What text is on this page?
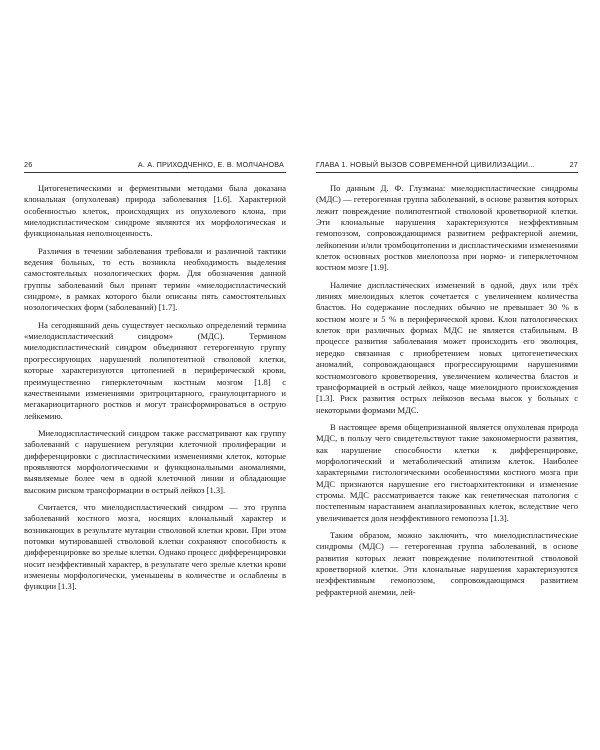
26	А. А. ПРИХОДЧЕНКО, Е. В. МОЛЧАНОВА

Цитогенетическими и ферментными методами была доказана клональная (опухолевая) природа заболевания [1.6]. Характерной особенностью клеток, происходящих из опухолевого клона, при миелодиспластическом синдроме являются их морфологическая и функциональная неполноценность.

Различия в течении заболевания требовали и различной тактики ведения больных, то есть возникла необходимость выделения самостоятельных нозологических форм. Для обозначения данной группы заболеваний был принят термин «миелодиспластический синдром», в рамках которого были описаны пять самостоятельных нозологических форм (заболеваний) [1.7].

На сегодняшний день существует несколько определений термина «миелодиспластический синдром» (МДС). Термином миелодиспластический синдром объединяют гетерогенную группу прогрессирующих нарушений полипотентной стволовой клетки, которые характеризуются цитопенией в периферической крови, преимущественно гиперклеточным костным мозгом [1.8] с качественными изменениями эритроцитарного, гранулоцитарного и мегакариоцитарного ростков и могут трансформироваться в острую лейкемию.

Миелодиспластический синдром также рассматривают как группу заболеваний с нарушением регуляции клеточной пролиферации и дифференцировки с диспластическими изменениями клеток, которые проявляются морфологическими и функциональными аномалиями, выявляемые более чем в одной клеточной линии и обладающие высоким риском трансформации в острый лейкоз [1.3].

Считается, что миелодиспластический синдром — это группа заболеваний костного мозга, носящих клональный характер и возникающих в результате мутации стволовой клетки крови. При этом потомки мутировавшей стволовой клетки сохраняют способность к дифференцировке во зрелые клетки. Однако процесс дифференцировки носит неэффективный характер, в результате чего зрелые клетки крови изменены морфологически, уменьшены в количестве и ослаблены в функции [1.3].

ГЛАВА 1. НОВЫЙ ВЫЗОВ СОВРЕМЕННОЙ ЦИВИЛИЗАЦИИ...	27

По данным Д. Ф. Глузмана: миелодиспластические синдромы (МДС) — гетерогенная группа заболеваний, в основе развития которых лежит повреждение полипотентной стволовой кроветворной клетки. Эти клональные нарушения характеризуются неэффективным гемопоэзом, сопровождающимся развитием рефрактерной анемии, лейкопении и/или тромбоцитопении и диспластическими изменениями клеток основных ростков миелопоэза при нормо- и гиперклеточном костном мозге [1.9].

Наличие диспластических изменений в одной, двух или трёх линиях миелоидных клеток сочетается с увеличением количества бластов. Но содержание последних обычно не превышает 30 % в костном мозге и 5 % в периферической крови. Клон патологических клеток при различных формах МДС не является стабильным. В процессе развития заболевания может происходить его эволюция, нередко связанная с приобретением новых цитогенетических аномалий, сопровождающаяся прогрессирующими нарушениями костномозгового кроветворения, увеличением количества бластов и трансформацией в острый лейкоз, чаще миелоидного происхождения [1.3]. Риск развития острых лейкозов весьма высок у больных с некоторыми формами МДС.

В настоящее время общепризнанной является опухолевая природа МДС, в пользу чего свидетельствуют такие закономерности развития, как нарушение способности клетки к дифференцировке, морфологический и метаболический атипизм клеток. Наиболее характерными гистологическими особенностями костного мозга при МДС признаются нарушение его гистоархитектоники и изменение стромы. МДС рассматривается также как генетическая патология с постепенным нарастанием анаплазированных клеток, вследствие чего увеличивается доля неэффективного гемопоэза [1.3].

Таким образом, можно заключить, что миелодиспластические синдромы (МДС) — гетерогенная группа заболеваний, в основе развития которых лежит повреждение полипотентной стволовой кроветворной клетки. Эти клональные нарушения характеризуются неэффективным гемопоэзом, сопровождающимся развитием рефрактерной анемии, лей-
